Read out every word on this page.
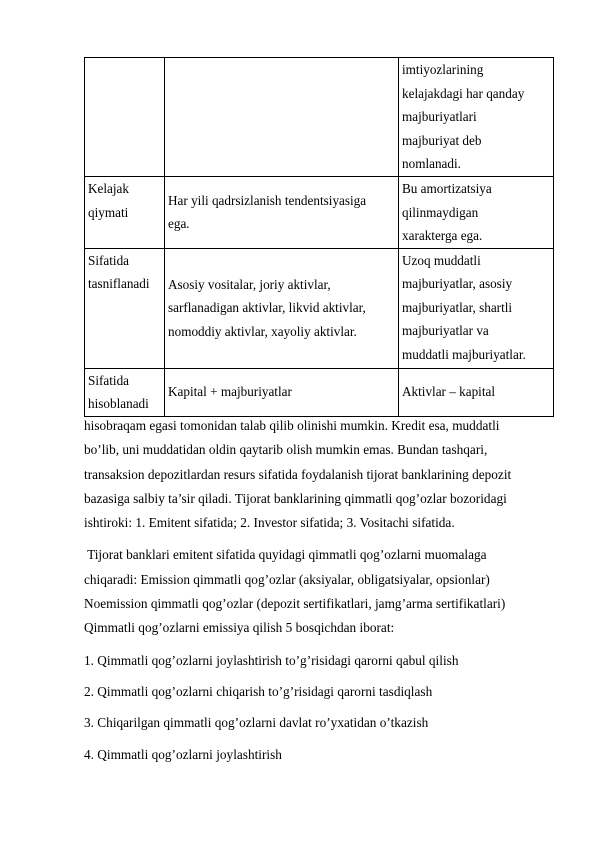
		imtiyozlarining
kelajakdagi har qanday
majburiyatlari
majburiyat deb
nomlanadi.

Kelajak
qiymati	Har yili qadrsizlanish tendentsiyasiga
ega.	Bu amortizatsiya
qilinmaydigan
xarakterga ega.

Sifatida
tasniflanadi	Asosiy vositalar, joriy aktivlar,
sarflanadigan aktivlar, likvid aktivlar,
nomoddiy aktivlar, xayoliy aktivlar.	Uzoq muddatli
majburiyatlar, asosiy
majburiyatlar, shartli
majburiyatlar va
muddatli majburiyatlar.

Sifatida
hisoblanadi	Kapital + majburiyatlar	Aktivlar – kapital

hisobraqam egasi tomonidan talab qilib olinishi mumkin. Kredit esa, muddatli

bo’lib, uni muddatidan oldin qaytarib olish mumkin emas. Bundan tashqari,

transaksion depozitlardan resurs sifatida foydalanish tijorat banklarining depozit

bazasiga salbiy ta’sir qiladi. Tijorat banklarining qimmatli qog’ozlar bozoridagi

ishtiroki: 1. Emitent sifatida; 2. Investor sifatida; 3. Vositachi sifatida.

Tijorat banklari emitent sifatida quyidagi qimmatli qog’ozlarni muomalaga

chiqaradi: Emission qimmatli qog’ozlar (aksiyalar, obligatsiyalar, opsionlar)

Noemission qimmatli qog’ozlar (depozit sertifikatlari, jamg’arma sertifikatlari)

Qimmatli qog’ozlarni emissiya qilish 5 bosqichdan iborat:

1. Qimmatli qog’ozlarni joylashtirish to’g’risidagi qarorni qabul qilish

2. Qimmatli qog’ozlarni chiqarish to’g’risidagi qarorni tasdiqlash

3. Chiqarilgan qimmatli qog’ozlarni davlat ro’yxatidan o’tkazish

4. Qimmatli qog’ozlarni joylashtirish
